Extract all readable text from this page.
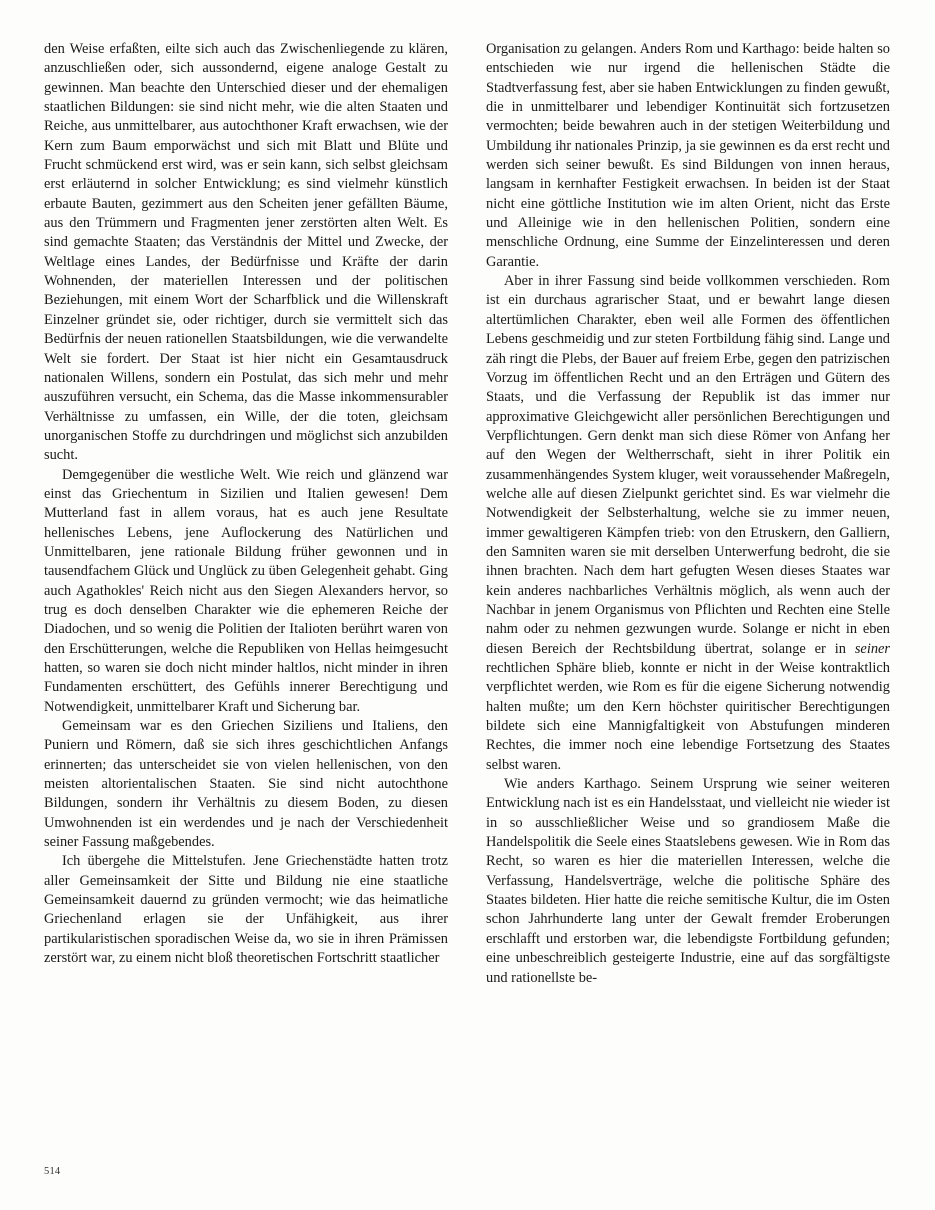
den Weise erfaßten, eilte sich auch das Zwischenliegende zu klären, anzuschließen oder, sich aussondernd, eigene analoge Gestalt zu gewinnen. Man beachte den Unterschied dieser und der ehemaligen staatlichen Bildungen: sie sind nicht mehr, wie die alten Staaten und Reiche, aus unmittelbarer, aus autochthoner Kraft erwachsen, wie der Kern zum Baum emporwächst und sich mit Blatt und Blüte und Frucht schmückend erst wird, was er sein kann, sich selbst gleichsam erst erläuternd in solcher Entwicklung; es sind vielmehr künstlich erbaute Bauten, gezimmert aus den Scheiten jener gefällten Bäume, aus den Trümmern und Fragmenten jener zerstörten alten Welt. Es sind gemachte Staaten; das Verständnis der Mittel und Zwecke, der Weltlage eines Landes, der Bedürfnisse und Kräfte der darin Wohnenden, der materiellen Interessen und der politischen Beziehungen, mit einem Wort der Scharfblick und die Willenskraft Einzelner gründet sie, oder richtiger, durch sie vermittelt sich das Bedürfnis der neuen rationellen Staatsbildungen, wie die verwandelte Welt sie fordert. Der Staat ist hier nicht ein Gesamtausdruck nationalen Willens, sondern ein Postulat, das sich mehr und mehr auszuführen versucht, ein Schema, das die Masse inkommensurabler Verhältnisse zu umfassen, ein Wille, der die toten, gleichsam unorganischen Stoffe zu durchdringen und möglichst sich anzubilden sucht.

Demgegenüber die westliche Welt. Wie reich und glänzend war einst das Griechentum in Sizilien und Italien gewesen! Dem Mutterland fast in allem voraus, hat es auch jene Resultate hellenisches Lebens, jene Auflockerung des Natürlichen und Unmittelbaren, jene rationale Bildung früher gewonnen und in tausendfachem Glück und Unglück zu üben Gelegenheit gehabt. Ging auch Agathokles' Reich nicht aus den Siegen Alexanders hervor, so trug es doch denselben Charakter wie die ephemeren Reiche der Diadochen, und so wenig die Politien der Italioten berührt waren von den Erschütterungen, welche die Republiken von Hellas heimgesucht hatten, so waren sie doch nicht minder haltlos, nicht minder in ihren Fundamenten erschüttert, des Gefühls innerer Berechtigung und Notwendigkeit, unmittelbarer Kraft und Sicherung bar.

Gemeinsam war es den Griechen Siziliens und Italiens, den Puniern und Römern, daß sie sich ihres geschichtlichen Anfangs erinnerten; das unterscheidet sie von vielen hellenischen, von den meisten altorientalischen Staaten. Sie sind nicht autochthone Bildungen, sondern ihr Verhältnis zu diesem Boden, zu diesen Umwohnenden ist ein werdendes und je nach der Verschiedenheit seiner Fassung maßgebendes.

Ich übergehe die Mittelstufen. Jene Griechenstädte hatten trotz aller Gemeinsamkeit der Sitte und Bildung nie eine staatliche Gemeinsamkeit dauernd zu gründen vermocht; wie das heimatliche Griechenland erlagen sie der Unfähigkeit, aus ihrer partikularistischen sporadischen Weise da, wo sie in ihren Prämissen zerstört war, zu einem nicht bloß theoretischen Fortschritt staatlicher

Organisation zu gelangen. Anders Rom und Karthago: beide halten so entschieden wie nur irgend die hellenischen Städte die Stadtverfassung fest, aber sie haben Entwicklungen zu finden gewußt, die in unmittelbarer und lebendiger Kontinuität sich fortzusetzen vermochten; beide bewahren auch in der stetigen Weiterbildung und Umbildung ihr nationales Prinzip, ja sie gewinnen es da erst recht und werden sich seiner bewußt. Es sind Bildungen von innen heraus, langsam in kernhafter Festigkeit erwachsen. In beiden ist der Staat nicht eine göttliche Institution wie im alten Orient, nicht das Erste und Alleinige wie in den hellenischen Politien, sondern eine menschliche Ordnung, eine Summe der Einzelinteressen und deren Garantie.

Aber in ihrer Fassung sind beide vollkommen verschieden. Rom ist ein durchaus agrarischer Staat, und er bewahrt lange diesen altertümlichen Charakter, eben weil alle Formen des öffentlichen Lebens geschmeidig und zur steten Fortbildung fähig sind. Lange und zäh ringt die Plebs, der Bauer auf freiem Erbe, gegen den patrizischen Vorzug im öffentlichen Recht und an den Erträgen und Gütern des Staats, und die Verfassung der Republik ist das immer nur approximative Gleichgewicht aller persönlichen Berechtigungen und Verpflichtungen. Gern denkt man sich diese Römer von Anfang her auf den Wegen der Weltherrschaft, sieht in ihrer Politik ein zusammenhängendes System kluger, weit voraussehender Maßregeln, welche alle auf diesen Zielpunkt gerichtet sind. Es war vielmehr die Notwendigkeit der Selbsterhaltung, welche sie zu immer neuen, immer gewaltigeren Kämpfen trieb: von den Etruskern, den Galliern, den Samniten waren sie mit derselben Unterwerfung bedroht, die sie ihnen brachten. Nach dem hart gefugten Wesen dieses Staates war kein anderes nachbarliches Verhältnis möglich, als wenn auch der Nachbar in jenem Organismus von Pflichten und Rechten eine Stelle nahm oder zu nehmen gezwungen wurde. Solange er nicht in eben diesen Bereich der Rechtsbildung übertrat, solange er in seiner rechtlichen Sphäre blieb, konnte er nicht in der Weise kontraktlich verpflichtet werden, wie Rom es für die eigene Sicherung notwendig halten mußte; um den Kern höchster quiritischer Berechtigungen bildete sich eine Mannigfaltigkeit von Abstufungen minderen Rechtes, die immer noch eine lebendige Fortsetzung des Staates selbst waren.

Wie anders Karthago. Seinem Ursprung wie seiner weiteren Entwicklung nach ist es ein Handelsstaat, und vielleicht nie wieder ist in so ausschließlicher Weise und so grandiosem Maße die Handelspolitik die Seele eines Staatslebens gewesen. Wie in Rom das Recht, so waren es hier die materiellen Interessen, welche die Verfassung, Handelsverträge, welche die politische Sphäre des Staates bildeten. Hier hatte die reiche semitische Kultur, die im Osten schon Jahrhunderte lang unter der Gewalt fremder Eroberungen erschlafft und erstorben war, die lebendigste Fortbildung gefunden; eine unbeschreiblich gesteigerte Industrie, eine auf das sorgfältigste und rationellste be-

514
